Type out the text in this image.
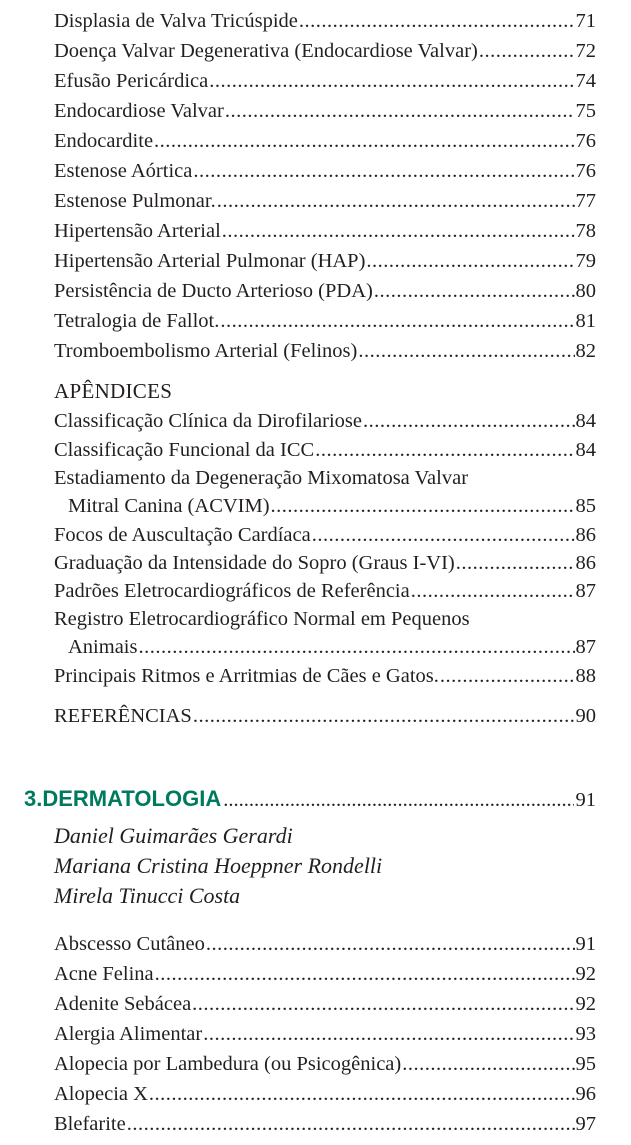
Displasia de Valva Tricúspide .....	71
Doença Valvar Degenerativa (Endocardiose Valvar) .....	72
Efusão Pericárdica .....	74
Endocardiose Valvar .....	75
Endocardite .....	76
Estenose Aórtica .....	76
Estenose Pulmonar. .....	77
Hipertensão Arterial .....	78
Hipertensão Arterial Pulmonar (HAP) .....	79
Persistência de Ducto Arterioso (PDA) .....	80
Tetralogia de Fallot. .....	81
Tromboembolismo Arterial (Felinos) .....	82
APÊNDICES
Classificação Clínica da Dirofilariose .....	84
Classificação Funcional da ICC .....	84
Estadiamento da Degeneração Mixomatosa Valvar
Mitral Canina (ACVIM) .....	85
Focos de Auscultação Cardíaca .....	86
Graduação da Intensidade do Sopro (Graus I-VI) .....	86
Padrões Eletrocardiográficos de Referência .....	87
Registro Eletrocardiográfico Normal em Pequenos
Animais .....	87
Principais Ritmos e Arritmias de Cães e Gatos. .....	88
REFERÊNCIAS .....	90
3. DERMATOLOGIA .....	91
Daniel Guimarães Gerardi
Mariana Cristina Hoeppner Rondelli
Mirela Tinucci Costa
Abscesso Cutâneo .....	91
Acne Felina .....	92
Adenite Sebácea .....	92
Alergia Alimentar .....	93
Alopecia por Lambedura (ou Psicogênica) .....	95
Alopecia X .....	96
Blefarite .....	97
